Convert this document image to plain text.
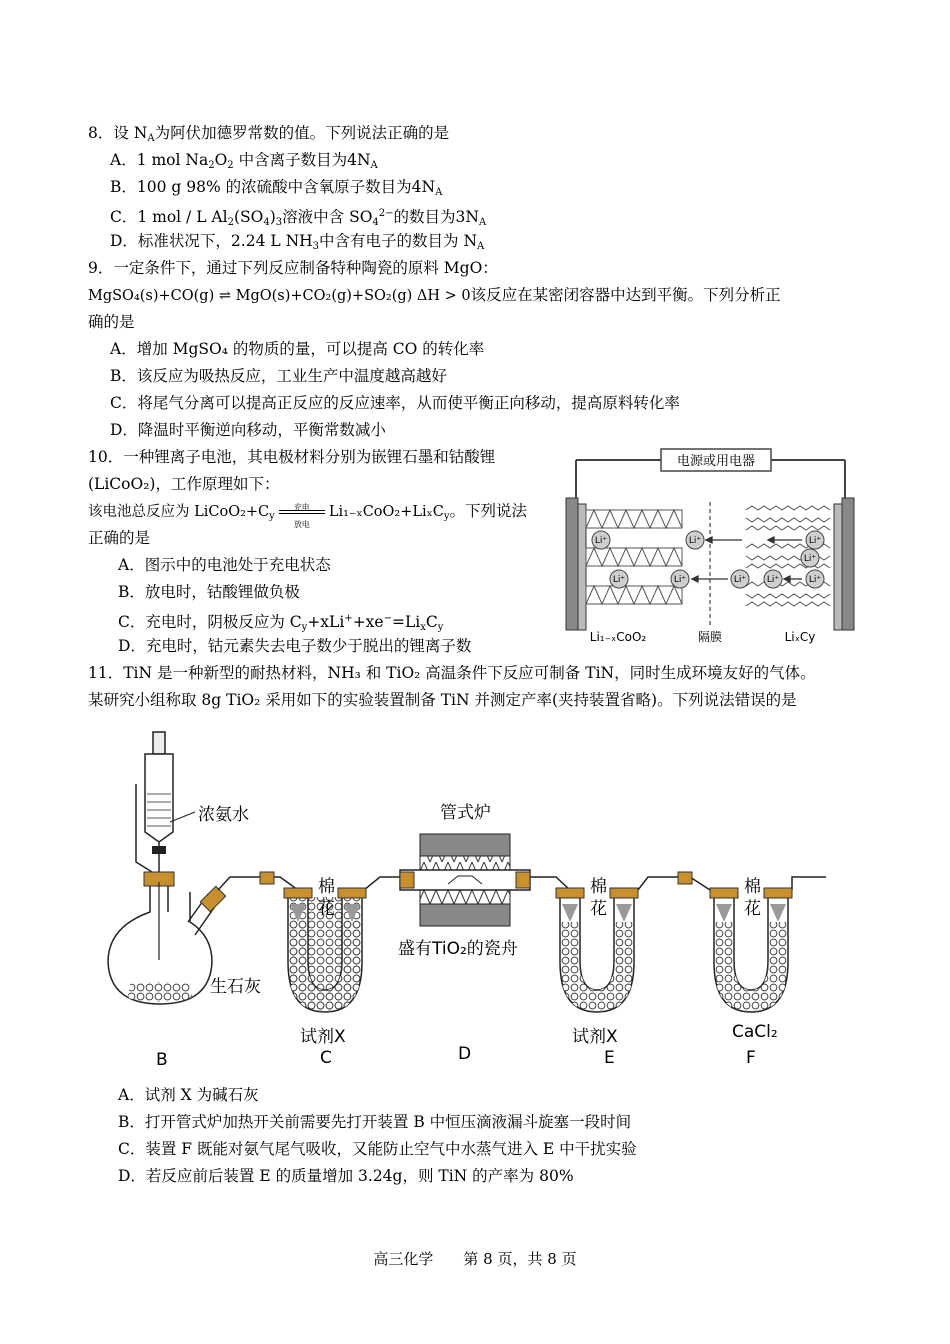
8．设 $N_A$为阿伏加德罗常数的值。下列说法正确的是
A．1 mol $Na_2O_2$ 中含离子数目为$4N_A$
B．100 g 98% 的浓硫酸中含氧原子数目为$4N_A$
C．1 mol / L $Al_2(SO_4)_3$溶液中含 $SO_4^{2-}$的数目为$3N_A$
D．标准状况下，2.24 L $NH_3$中含有电子的数目为 $N_A$
9．一定条件下，通过下列反应制备特种陶瓷的原料 MgO：
MgSO₄(s)+CO(g) ⇌ MgO(s)+CO₂(g)+SO₂(g) ΔH > 0该反应在某密闭容器中达到平衡。下列分析正
确的是
A．增加 MgSO₄ 的物质的量，可以提高 CO 的转化率
B．该反应为吸热反应，工业生产中温度越高越好
C．将尾气分离可以提高正反应的反应速率，从而使平衡正向移动，提高原料转化率
D．降温时平衡逆向移动，平衡常数减小
10．一种锂离子电池，其电极材料分别为嵌锂石墨和钴酸锂
(LiCoO₂)，工作原理如下：
该电池总反应为 $LiCoO_2+C_y$
充电
放电
Li₁₋ₓCoO₂+LiₓC$_y$。下列说法
正确的是
A．图示中的电池处于充电状态
B．放电时，钴酸锂做负极
C．充电时，阴极反应为 $C_y+xLi^++xe^-=Li_xC_y$
D．充电时，钴元素失去电子数少于脱出的锂离子数
电源或用电器
Li⁺
Li⁺
Li⁺
Li⁺	Li⁺
Li⁺
Li⁺
Li⁺	Li⁺
Li₁₋ₓCoO₂	隔膜	LiₓCy
11．TiN 是一种新型的耐热材料，NH₃ 和 TiO₂ 高温条件下反应可制备 TiN，同时生成环境友好的气体。
某研究小组称取 8g TiO₂ 采用如下的实验装置制备 TiN 并测定产率(夹持装置省略)。下列说法错误的是
浓氨水
生石灰
管式炉
盛有TiO₂的瓷舟
棉花
棉花
棉花
试剂X	试剂X	CaCl₂
B	C	D	E	F
A．试剂 X 为碱石灰
B．打开管式炉加热开关前需要先打开装置 B 中恒压滴液漏斗旋塞一段时间
C．装置 F 既能对氨气尾气吸收，又能防止空气中水蒸气进入 E 中干扰实验
D．若反应前后装置 E 的质量增加 3.24g，则 TiN 的产率为 80%
高三化学　　第 8 页，共 8 页
